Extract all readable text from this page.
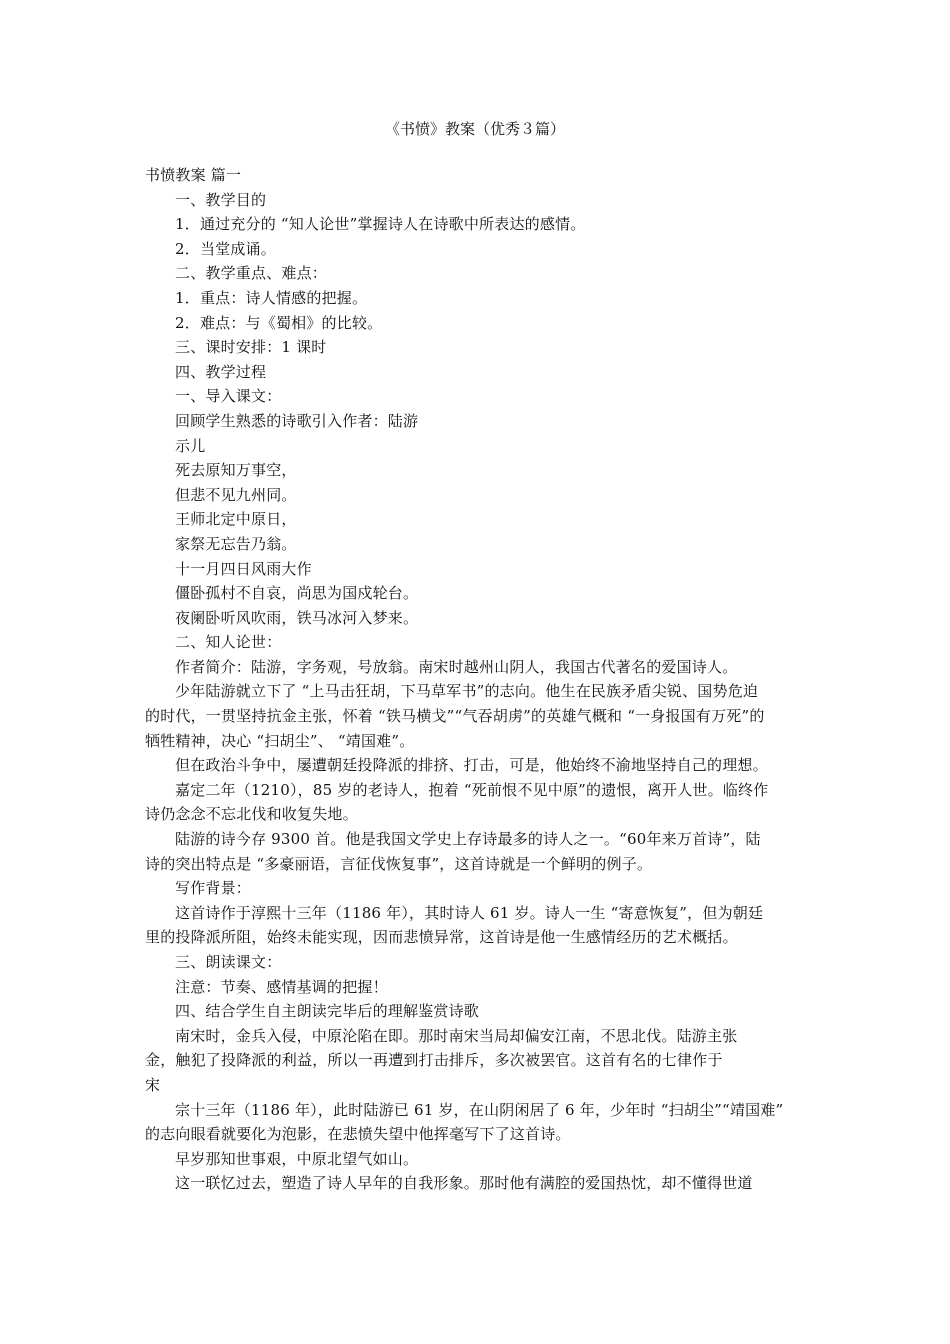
《书愤》教案（优秀３篇）
书愤教案 篇一
一、教学目的
1．通过充分的 “知人论世”掌握诗人在诗歌中所表达的感情。
2．当堂成诵。
二、教学重点、难点：
1．重点：诗人情感的把握。
2．难点：与《蜀相》的比较。
三、课时安排：1 课时
四、教学过程
一、导入课文：
回顾学生熟悉的诗歌引入作者：陆游
示儿
死去原知万事空，
但悲不见九州同。
王师北定中原日，
家祭无忘告乃翁。
十一月四日风雨大作
僵卧孤村不自哀，尚思为国戍轮台。
夜阑卧听风吹雨，铁马冰河入梦来。
二、知人论世：
作者简介：陆游，字务观，号放翁。南宋时越州山阴人，我国古代著名的爱国诗人。
少年陆游就立下了 “上马击狂胡，下马草军书”的志向。他生在民族矛盾尖锐、国势危迫
的时代，一贯坚持抗金主张，怀着 “铁马横戈”“气吞胡虏”的英雄气概和 “一身报国有万死”的
牺牲精神，决心 “扫胡尘”、 “靖国难”。
但在政治斗争中，屡遭朝廷投降派的排挤、打击，可是，他始终不渝地坚持自己的理想。
嘉定二年（1210），85 岁的老诗人，抱着 “死前恨不见中原”的遗恨，离开人世。临终作
诗仍念念不忘北伐和收复失地。
陆游的诗今存 9300 首。他是我国文学史上存诗最多的诗人之一。“60年来万首诗”，陆
诗的突出特点是 “多豪丽语，言征伐恢复事”，这首诗就是一个鲜明的例子。
写作背景：
这首诗作于淳熙十三年（1186 年），其时诗人 61 岁。诗人一生 “寄意恢复”，但为朝廷
里的投降派所阻，始终未能实现，因而悲愤异常，这首诗是他一生感情经历的艺术概括。
三、朗读课文：
注意：节奏、感情基调的把握！
四、结合学生自主朗读完毕后的理解鉴赏诗歌
南宋时，金兵入侵，中原沦陷在即。那时南宋当局却偏安江南，不思北伐。陆游主张
金，触犯了投降派的利益，所以一再遭到打击排斥，多次被罢官。这首有名的七律作于
宋
宗十三年（1186 年），此时陆游已 61 岁，在山阴闲居了 6 年，少年时 “扫胡尘”“靖国难”
的志向眼看就要化为泡影，在悲愤失望中他挥毫写下了这首诗。
早岁那知世事艰，中原北望气如山。
这一联忆过去，塑造了诗人早年的自我形象。那时他有满腔的爱国热忱，却不懂得世道
